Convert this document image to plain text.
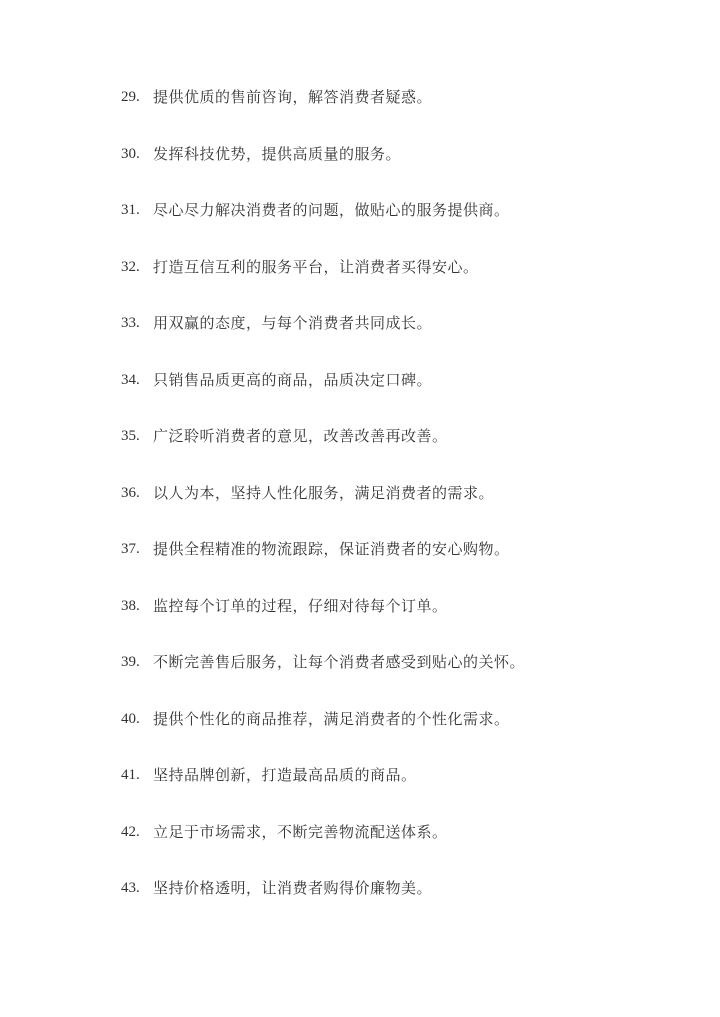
29. 提供优质的售前咨询，解答消费者疑惑。
30. 发挥科技优势，提供高质量的服务。
31. 尽心尽力解决消费者的问题，做贴心的服务提供商。
32. 打造互信互利的服务平台，让消费者买得安心。
33. 用双赢的态度，与每个消费者共同成长。
34. 只销售品质更高的商品，品质决定口碑。
35. 广泛聆听消费者的意见，改善改善再改善。
36. 以人为本，坚持人性化服务，满足消费者的需求。
37. 提供全程精准的物流跟踪，保证消费者的安心购物。
38. 监控每个订单的过程，仔细对待每个订单。
39. 不断完善售后服务，让每个消费者感受到贴心的关怀。
40. 提供个性化的商品推荐，满足消费者的个性化需求。
41. 坚持品牌创新，打造最高品质的商品。
42. 立足于市场需求，不断完善物流配送体系。
43. 坚持价格透明，让消费者购得价廉物美。
